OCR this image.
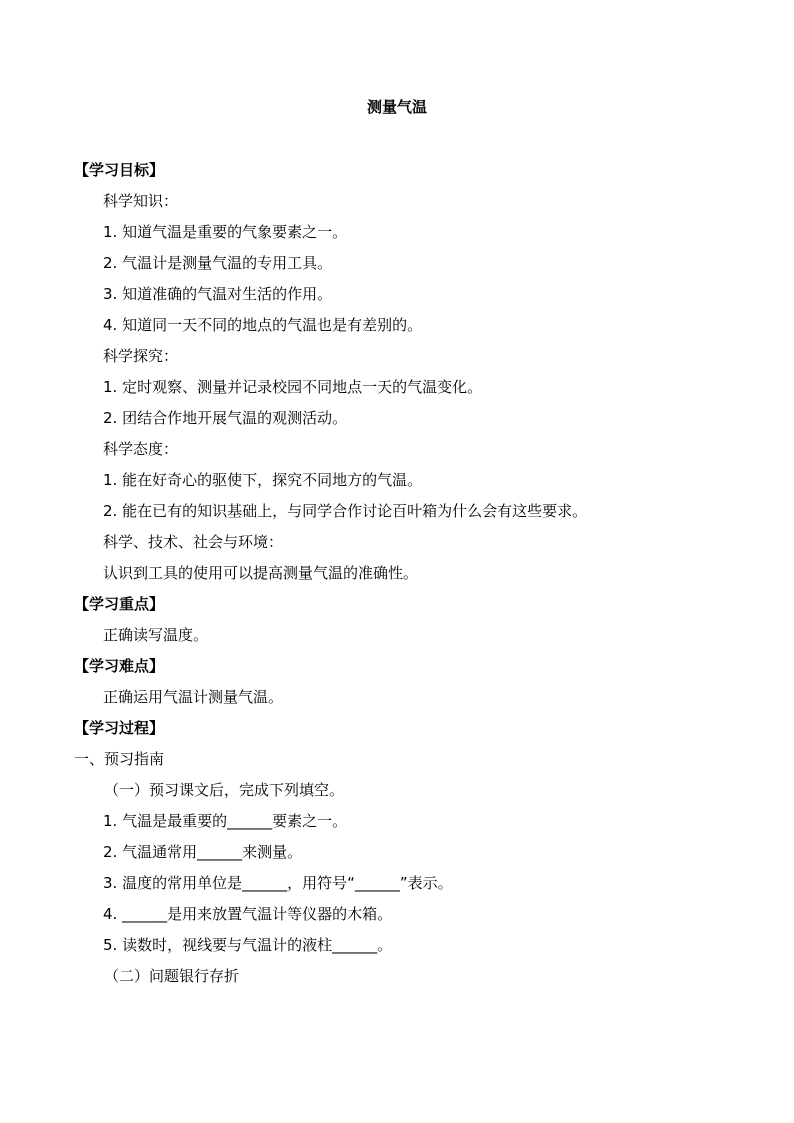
测量气温
【学习目标】
科学知识：
1. 知道气温是重要的气象要素之一。
2. 气温计是测量气温的专用工具。
3. 知道准确的气温对生活的作用。
4. 知道同一天不同的地点的气温也是有差别的。
科学探究：
1. 定时观察、测量并记录校园不同地点一天的气温变化。
2. 团结合作地开展气温的观测活动。
科学态度：
1. 能在好奇心的驱使下，探究不同地方的气温。
2. 能在已有的知识基础上，与同学合作讨论百叶箱为什么会有这些要求。
科学、技术、社会与环境：
认识到工具的使用可以提高测量气温的准确性。
【学习重点】
正确读写温度。
【学习难点】
正确运用气温计测量气温。
【学习过程】
一、预习指南
（一）预习课文后，完成下列填空。
1. 气温是最重要的______要素之一。
2. 气温通常用______来测量。
3. 温度的常用单位是______，用符号“______”表示。
4. ______是用来放置气温计等仪器的木箱。
5. 读数时，视线要与气温计的液柱______。
（二）问题银行存折
